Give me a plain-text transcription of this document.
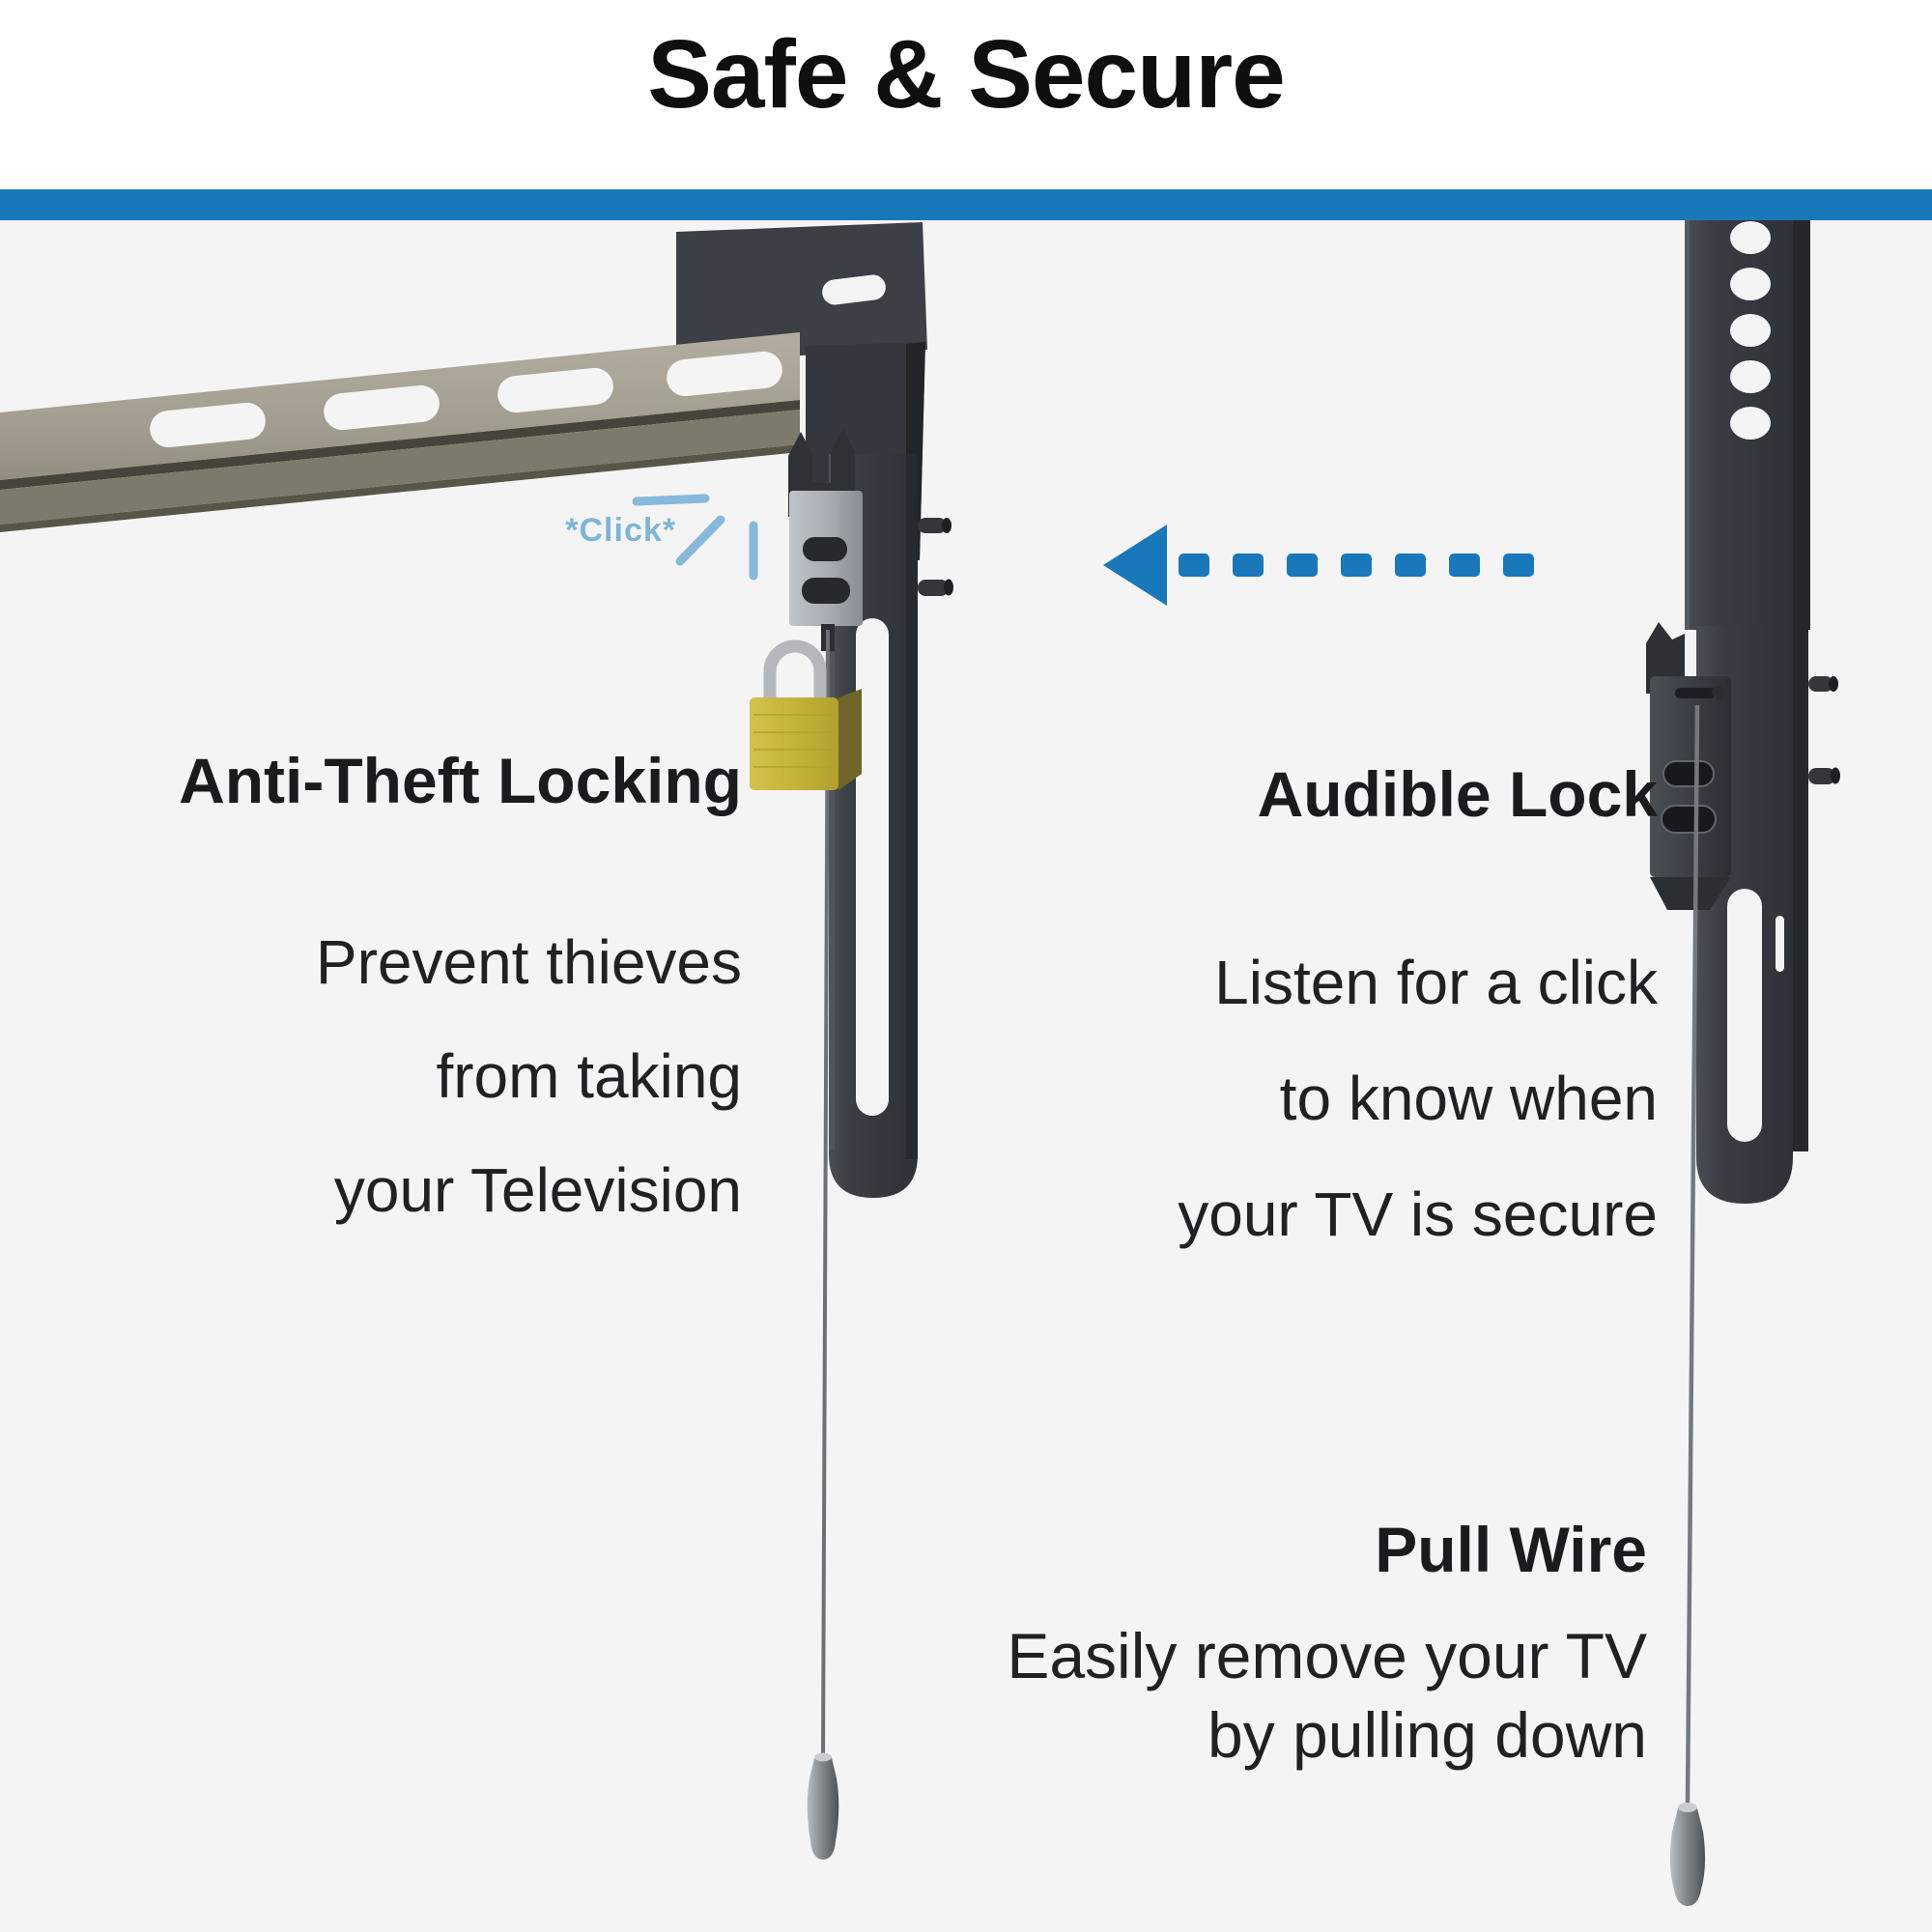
Safe & Secure
*Click*
Anti-Theft Locking
Prevent thieves
from taking
your Television
Audible Lock
Listen for a click
to know when
your TV is secure
Pull Wire
Easily remove your TV
by pulling down
